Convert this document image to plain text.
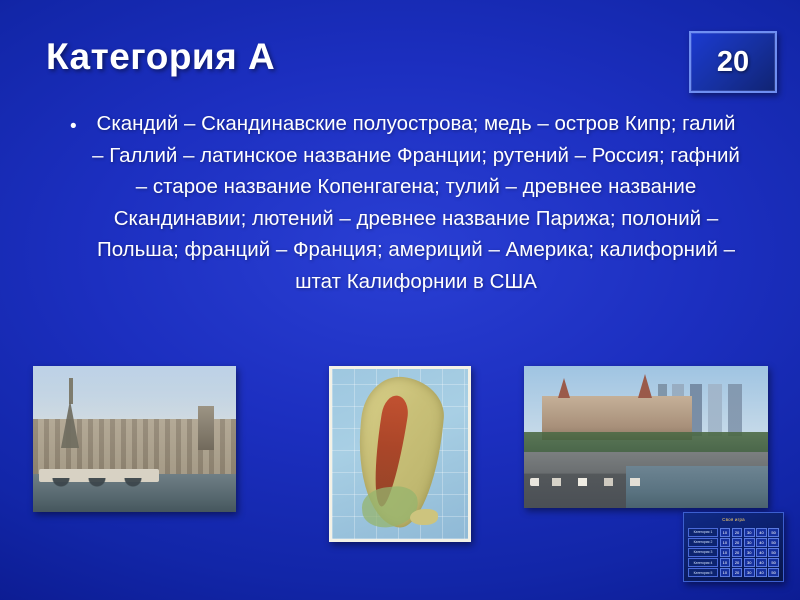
Категория А	20
• Скандий – Скандинавские полуострова; медь – остров Кипр; галий – Галлий – латинское название Франции; рутений – Россия; гафний – старое название Копенгагена; тулий – древнее название Скандинавии; лютений – древнее название Парижа; полоний – Польша; франций – Франция; америций – Америка; калифорний – штат Калифорнии в США
Своя игра
Категория 1	10	20	30	40	50
Категория 2	10	20	30	40	50
Категория 3	10	20	30	40	50
Категория 4	10	20	30	40	50
Категория 5	10	20	30	40	50
